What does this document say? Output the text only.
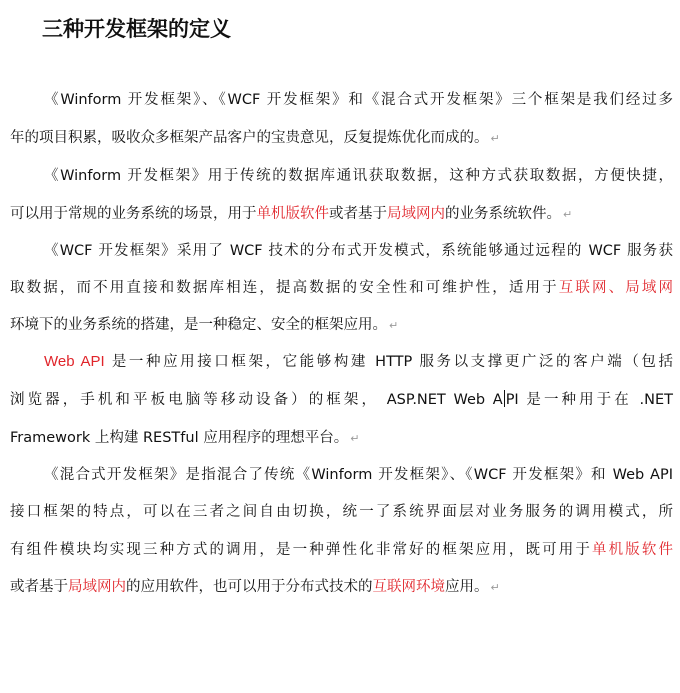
三种开发框架的定义
《Winform 开发框架》、《WCF 开发框架》和《混合式开发框架》三个框架是我们经过多
年的项目积累，吸收众多框架产品客户的宝贵意见，反复提炼优化而成的。 ↵
《Winform 开发框架》用于传统的数据库通讯获取数据，这种方式获取数据，方便快捷，
可以用于常规的业务系统的场景，用于单机版软件或者基于局域网内的业务系统软件。 ↵
《WCF 开发框架》采用了 WCF 技术的分布式开发模式，系统能够通过远程的 WCF 服务获
取数据，而不用直接和数据库相连，提高数据的安全性和可维护性，适用于互联网、局域网
环境下的业务系统的搭建，是一种稳定、安全的框架应用。 ↵
Web API 是一种应用接口框架，它能够构建 HTTP 服务以支撑更广泛的客户端（包括
浏览器，手机和平板电脑等移动设备）的框架， ASP.NET Web A PI 是一种用于在 .NET
Framework 上构建 RESTful 应用程序的理想平台。 ↵
《混合式开发框架》是指混合了传统《Winform 开发框架》、《WCF 开发框架》和 Web API
接口框架的特点，可以在三者之间自由切换，统一了系统界面层对业务服务的调用模式，所
有组件模块均实现三种方式的调用，是一种弹性化非常好的框架应用，既可用于单机版软件
或者基于局域网内的应用软件，也可以用于分布式技术的互联网环境应用。 ↵
